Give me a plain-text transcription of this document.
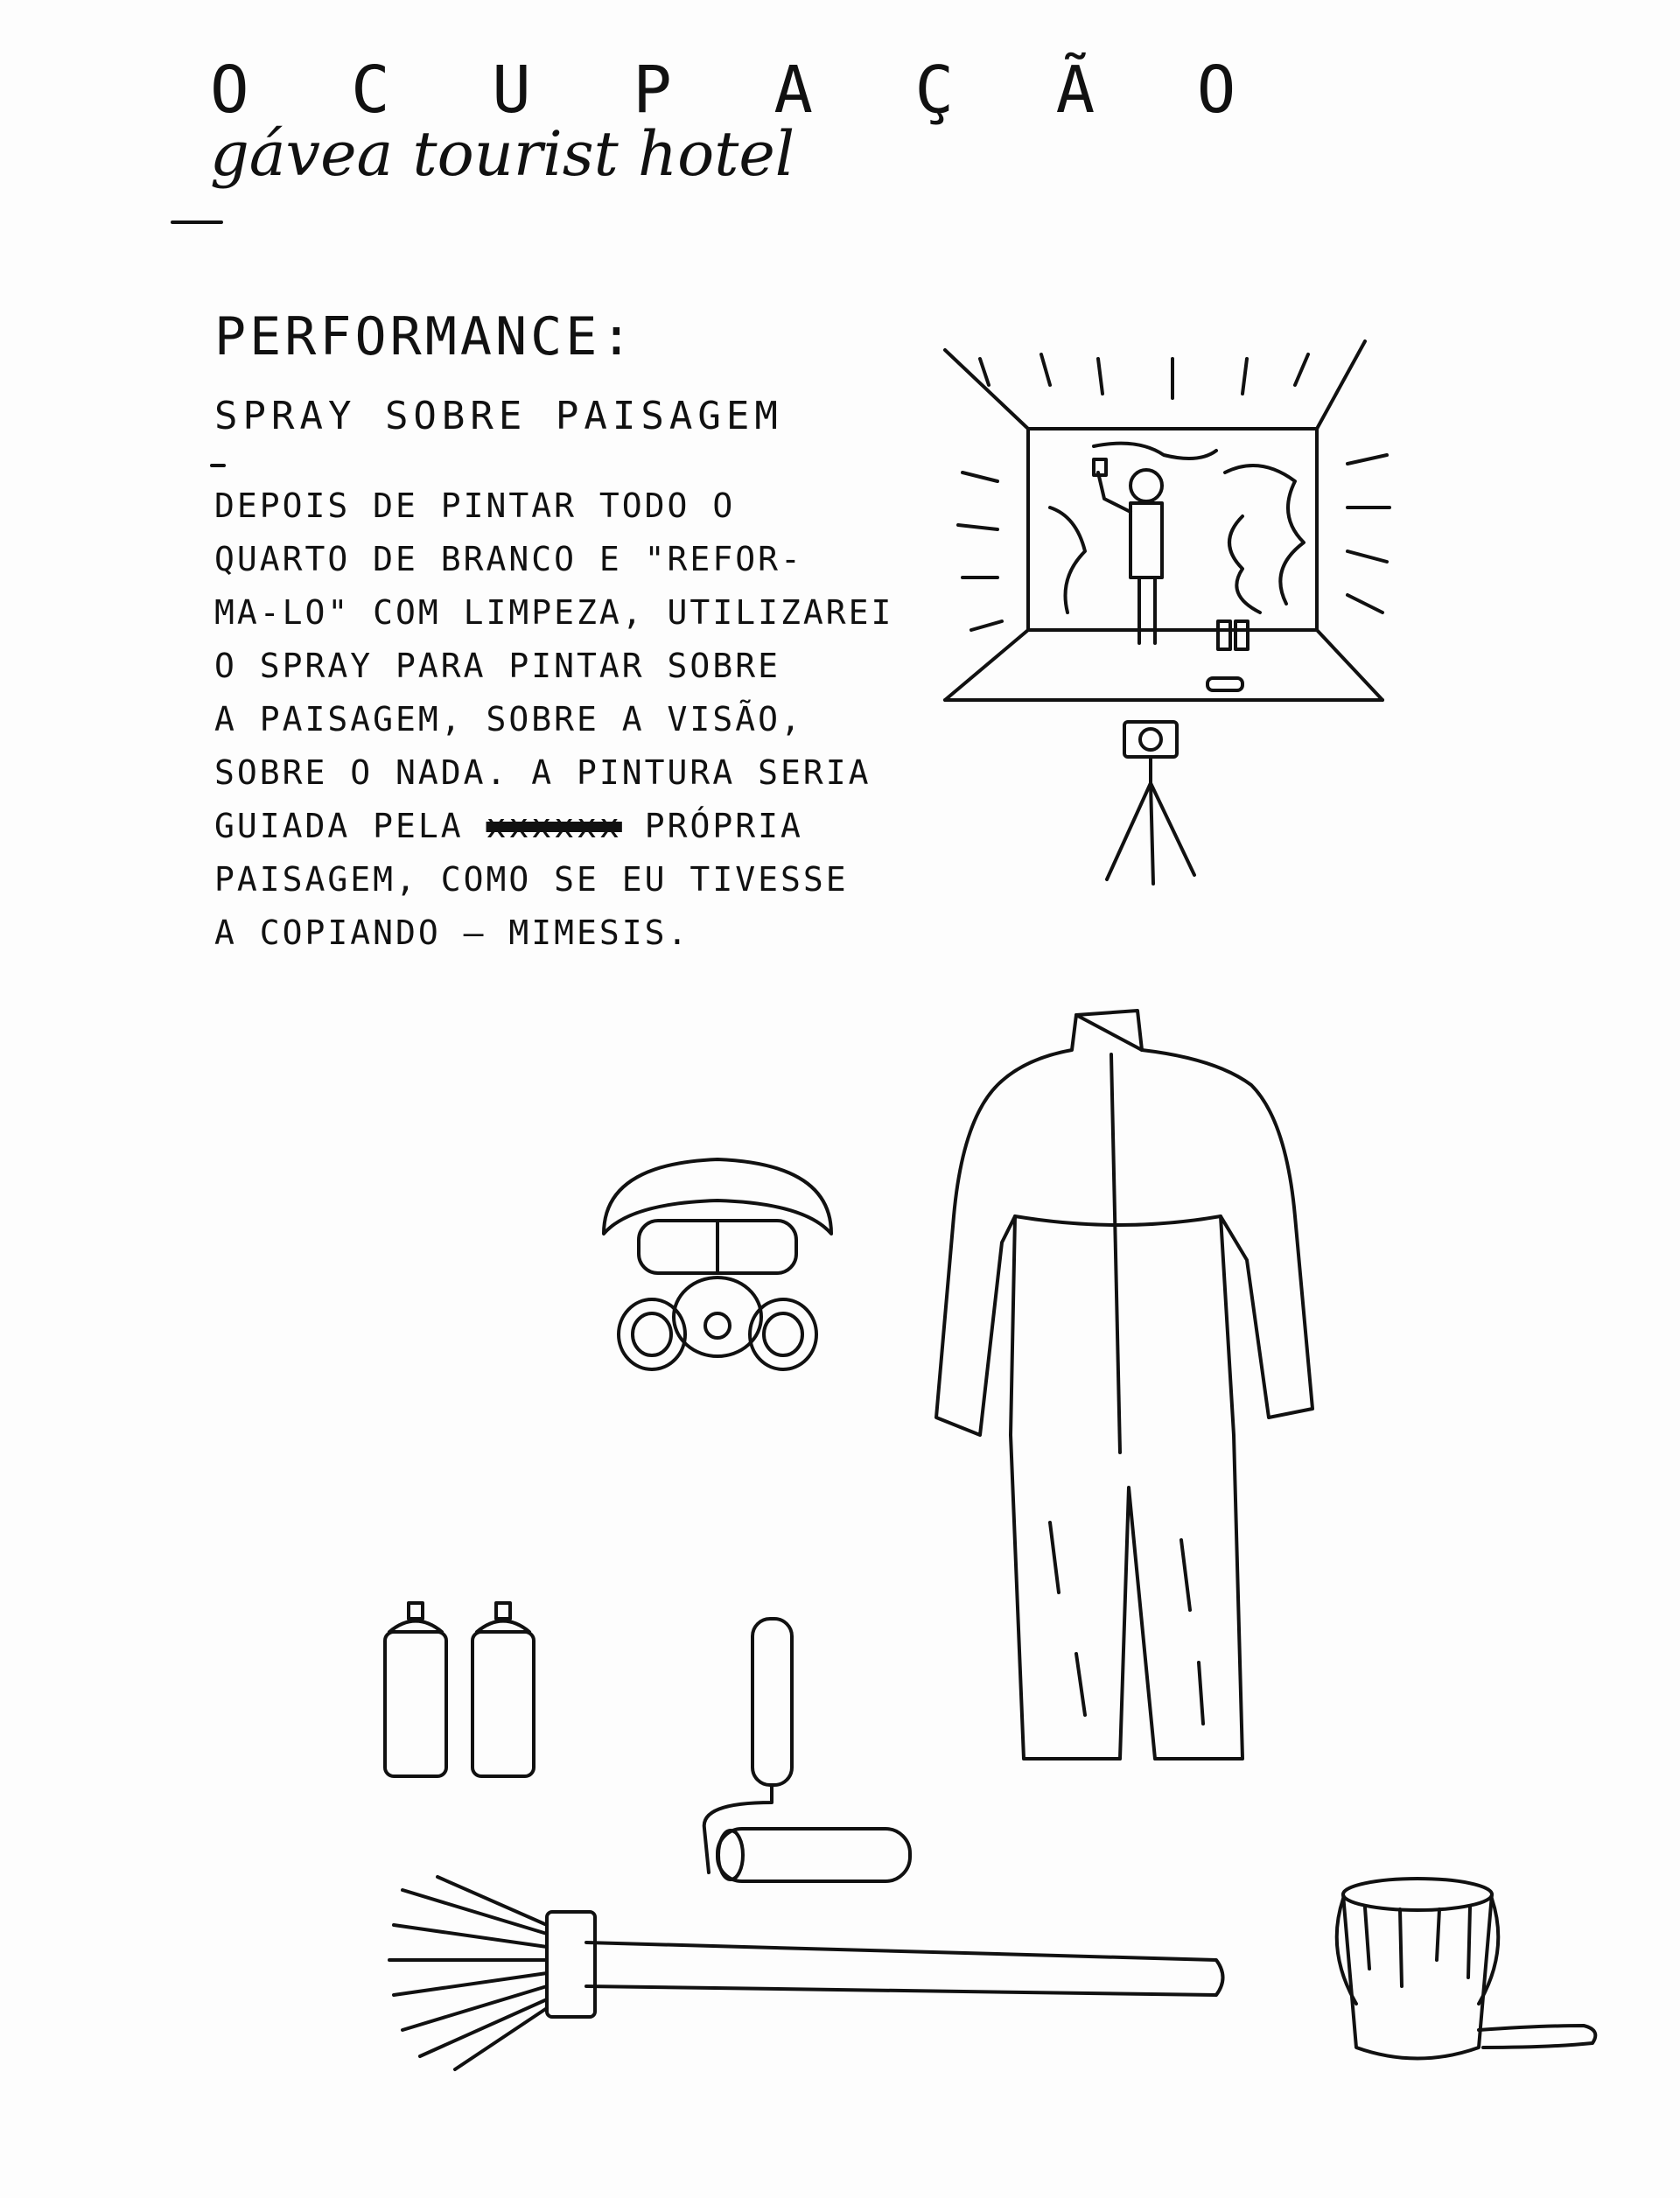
O C U P A Ç Ã O
gávea tourist hotel
PERFORMANCE:
SPRAY SOBRE PAISAGEM
DEPOIS DE PINTAR TODO O
QUARTO DE BRANCO E "REFOR-
MA-LO" COM LIMPEZA, UTILIZAREI
O SPRAY PARA PINTAR SOBRE
A PAISAGEM, SOBRE A VISÃO,
SOBRE O NADA. A PINTURA SERIA
GUIADA PELA xxxxxx PRÓPRIA
PAISAGEM, COMO SE EU TIVESSE
A COPIANDO — MIMESIS.
